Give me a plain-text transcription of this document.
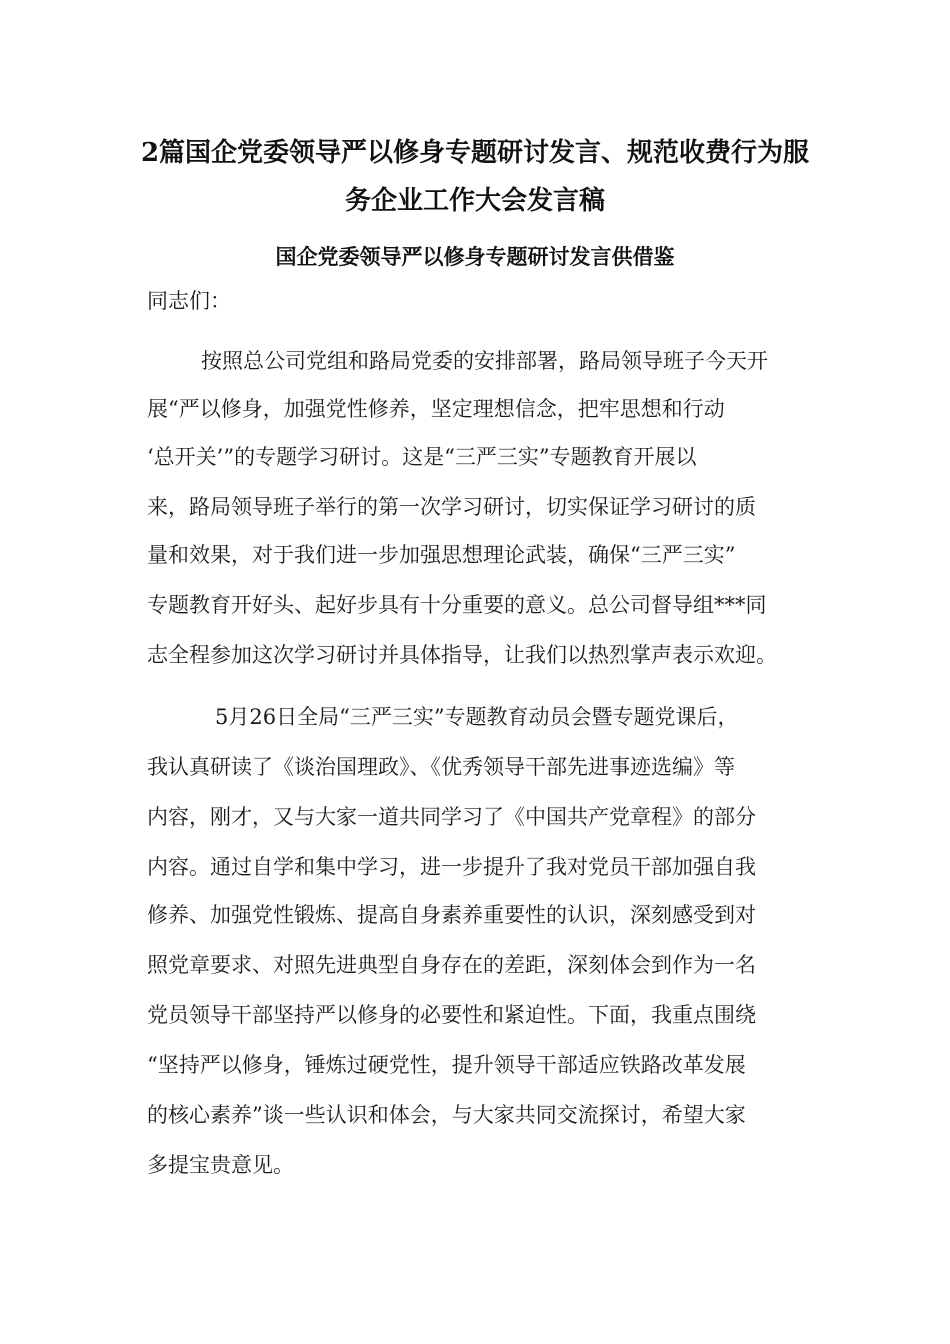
2篇国企党委领导严以修身专题研讨发言、规范收费行为服
务企业工作大会发言稿
国企党委领导严以修身专题研讨发言供借鉴
同志们：
按照总公司党组和路局党委的安排部署，路局领导班子今天开
展“严以修身，加强党性修养，坚定理想信念，把牢思想和行动
‘总开关’”的专题学习研讨。这是“三严三实”专题教育开展以
来，路局领导班子举行的第一次学习研讨，切实保证学习研讨的质
量和效果，对于我们进一步加强思想理论武装，确保“三严三实”
专题教育开好头、起好步具有十分重要的意义。总公司督导组***同
志全程参加这次学习研讨并具体指导，让我们以热烈掌声表示欢迎。
5月26日全局“三严三实”专题教育动员会暨专题党课后，
我认真研读了《谈治国理政》、《优秀领导干部先进事迹选编》等
内容，刚才，又与大家一道共同学习了《中国共产党章程》的部分
内容。通过自学和集中学习，进一步提升了我对党员干部加强自我
修养、加强党性锻炼、提高自身素养重要性的认识，深刻感受到对
照党章要求、对照先进典型自身存在的差距，深刻体会到作为一名
党员领导干部坚持严以修身的必要性和紧迫性。下面，我重点围绕
“坚持严以修身，锤炼过硬党性，提升领导干部适应铁路改革发展
的核心素养”谈一些认识和体会，与大家共同交流探讨，希望大家
多提宝贵意见。
